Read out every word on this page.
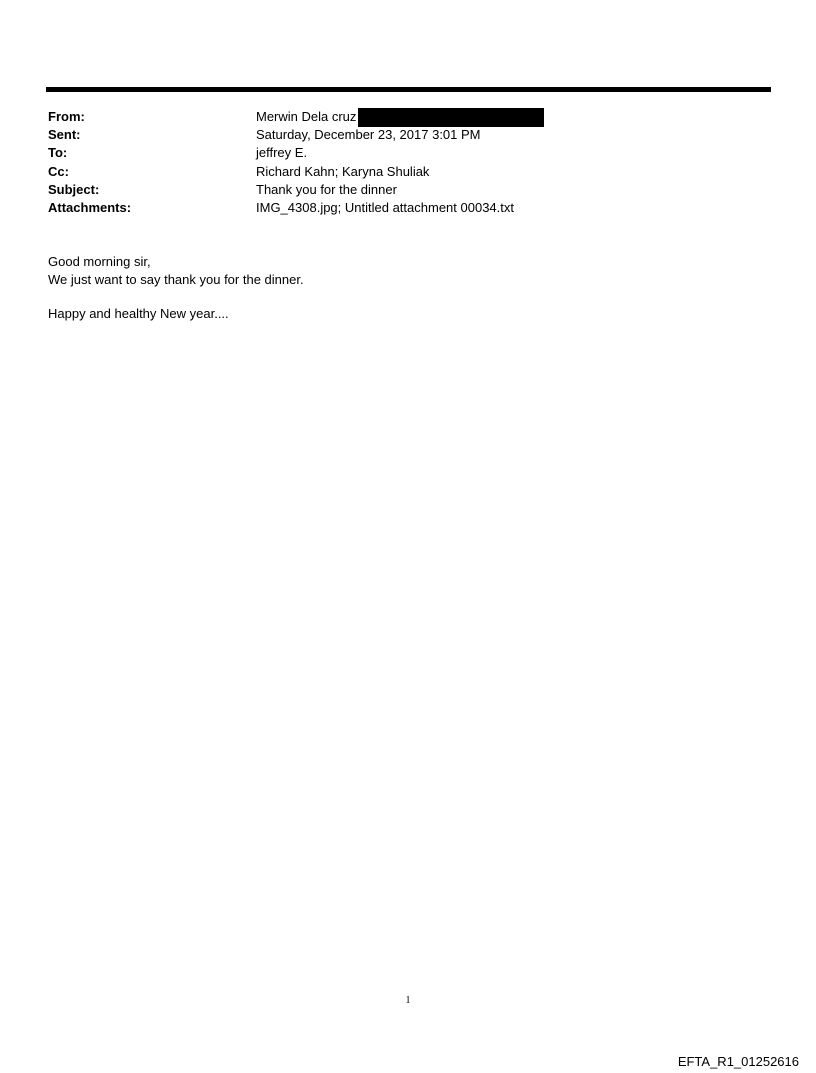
From:	Merwin Dela cruz
Sent:	Saturday, December 23, 2017 3:01 PM
To:	jeffrey E.
Cc:	Richard Kahn; Karyna Shuliak
Subject:	Thank you for the dinner
Attachments:	IMG_4308.jpg; Untitled attachment 00034.txt
Good morning sir,
We just want to say thank you for the dinner.
Happy and healthy New year....
1
EFTA_R1_01252616
